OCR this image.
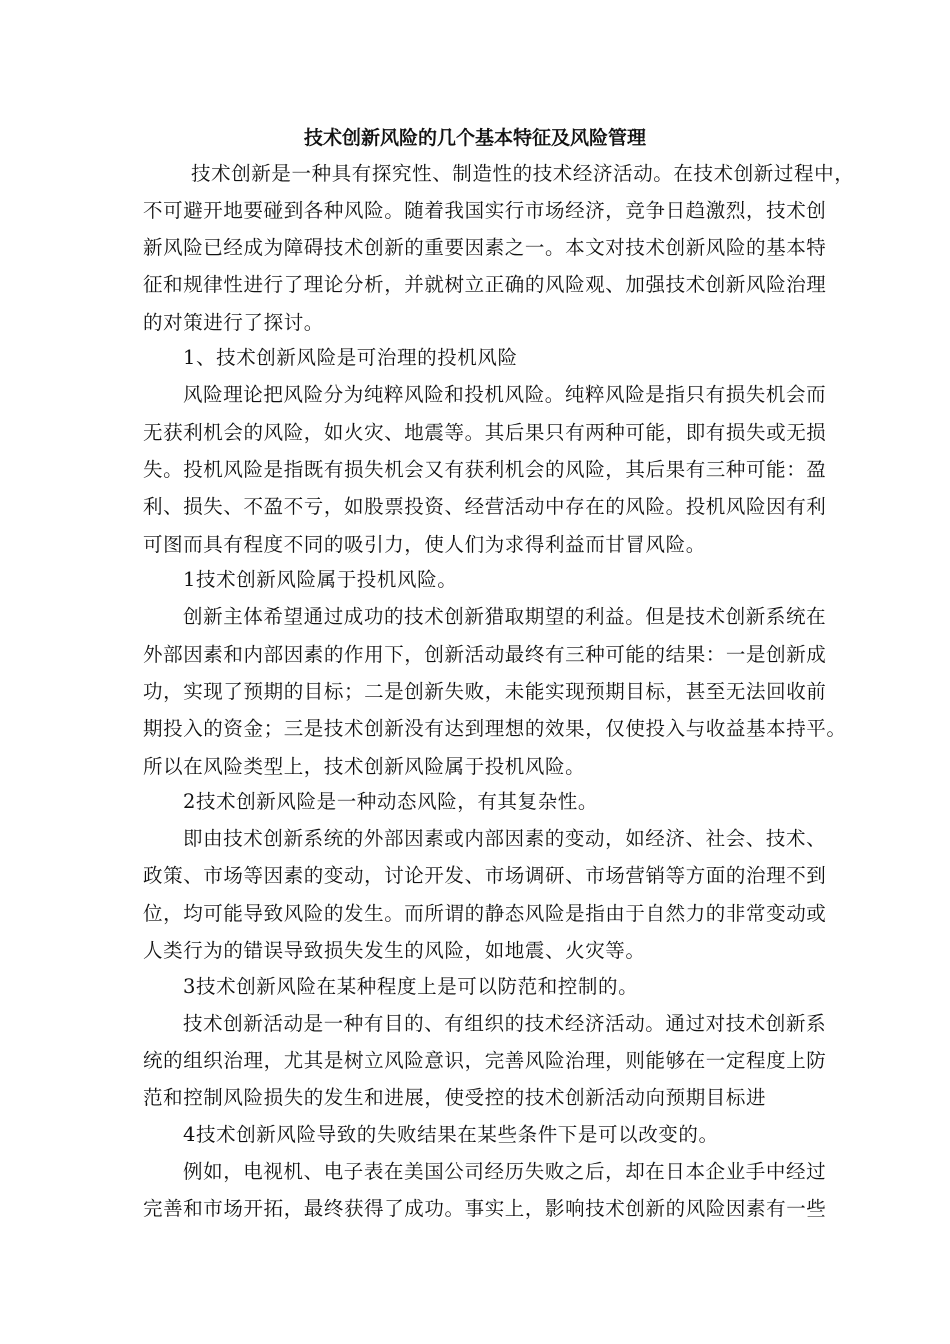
技术创新风险的几个基本特征及风险管理
技术创新是一种具有探究性、制造性的技术经济活动。在技术创新过程中，
不可避开地要碰到各种风险。随着我国实行市场经济，竞争日趋激烈，技术创
新风险已经成为障碍技术创新的重要因素之一。本文对技术创新风险的基本特
征和规律性进行了理论分析，并就树立正确的风险观、加强技术创新风险治理
的对策进行了探讨。
1、技术创新风险是可治理的投机风险
风险理论把风险分为纯粹风险和投机风险。纯粹风险是指只有损失机会而
无获利机会的风险，如火灾、地震等。其后果只有两种可能，即有损失或无损
失。投机风险是指既有损失机会又有获利机会的风险，其后果有三种可能：盈
利、损失、不盈不亏，如股票投资、经营活动中存在的风险。投机风险因有利
可图而具有程度不同的吸引力，使人们为求得利益而甘冒风险。
1技术创新风险属于投机风险。
创新主体希望通过成功的技术创新猎取期望的利益。但是技术创新系统在
外部因素和内部因素的作用下，创新活动最终有三种可能的结果：一是创新成
功，实现了预期的目标；二是创新失败，未能实现预期目标，甚至无法回收前
期投入的资金；三是技术创新没有达到理想的效果，仅使投入与收益基本持平。
所以在风险类型上，技术创新风险属于投机风险。
2技术创新风险是一种动态风险，有其复杂性。
即由技术创新系统的外部因素或内部因素的变动，如经济、社会、技术、
政策、市场等因素的变动，讨论开发、市场调研、市场营销等方面的治理不到
位，均可能导致风险的发生。而所谓的静态风险是指由于自然力的非常变动或
人类行为的错误导致损失发生的风险，如地震、火灾等。
3技术创新风险在某种程度上是可以防范和控制的。
技术创新活动是一种有目的、有组织的技术经济活动。通过对技术创新系
统的组织治理，尤其是树立风险意识，完善风险治理，则能够在一定程度上防
范和控制风险损失的发生和进展，使受控的技术创新活动向预期目标进
4技术创新风险导致的失败结果在某些条件下是可以改变的。
例如，电视机、电子表在美国公司经历失败之后，却在日本企业手中经过
完善和市场开拓，最终获得了成功。事实上，影响技术创新的风险因素有一些
